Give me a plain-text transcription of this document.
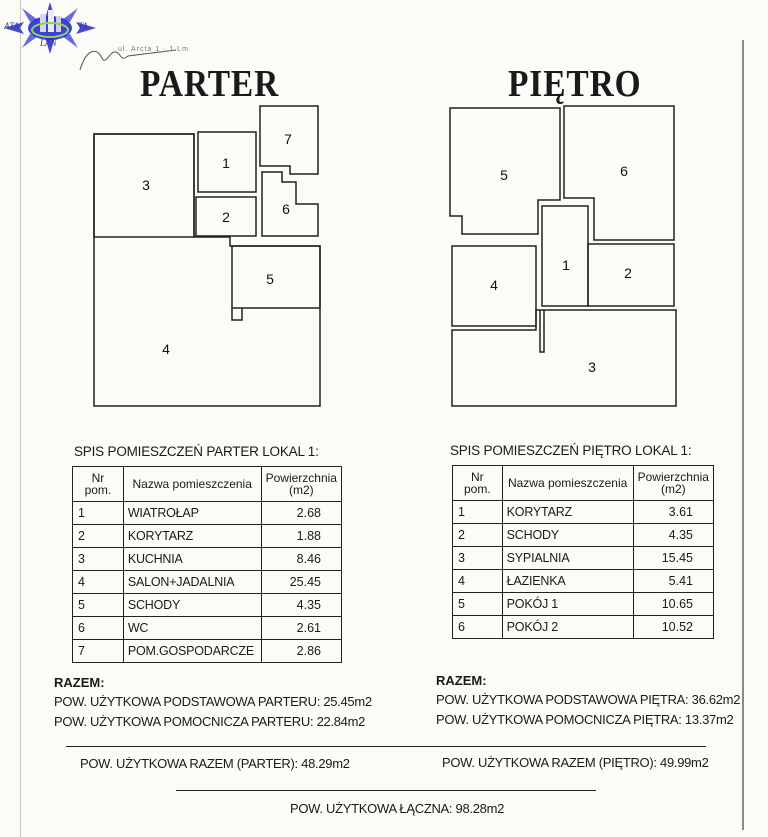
ATA	TA
LAN
ul. Arcta 1 · 1 Lm
PARTER	PIĘTRO
3
1
2
7
6
5
4
5	6
1	2
4
3
SPIS POMIESZCZEŃ PARTER LOKAL 1:	SPIS POMIESZCZEŃ PIĘTRO LOKAL 1:
Nr pom.	Nazwa pomieszczenia	Powierzchnia (m2)
1	WIATROŁAP	2.68
2	KORYTARZ	1.88
3	KUCHNIA	8.46
4	SALON+JADALNIA	25.45
5	SCHODY	4.35
6	WC	2.61
7	POM.GOSPODARCZE	2.86
Nr pom.	Nazwa pomieszczenia	Powierzchnia (m2)
1	KORYTARZ	3.61
2	SCHODY	4.35
3	SYPIALNIA	15.45
4	ŁAZIENKA	5.41
5	POKÓJ 1	10.65
6	POKÓJ 2	10.52
RAZEM:
POW. UŻYTKOWA PODSTAWOWA PARTERU: 25.45m2
POW. UŻYTKOWA POMOCNICZA PARTERU: 22.84m2
RAZEM:
POW. UŻYTKOWA PODSTAWOWA PIĘTRA: 36.62m2
POW. UŻYTKOWA POMOCNICZA PIĘTRA: 13.37m2
POW. UŻYTKOWA RAZEM (PARTER): 48.29m2	POW. UŻYTKOWA RAZEM (PIĘTRO): 49.99m2
POW. UŻYTKOWA ŁĄCZNA: 98.28m2
